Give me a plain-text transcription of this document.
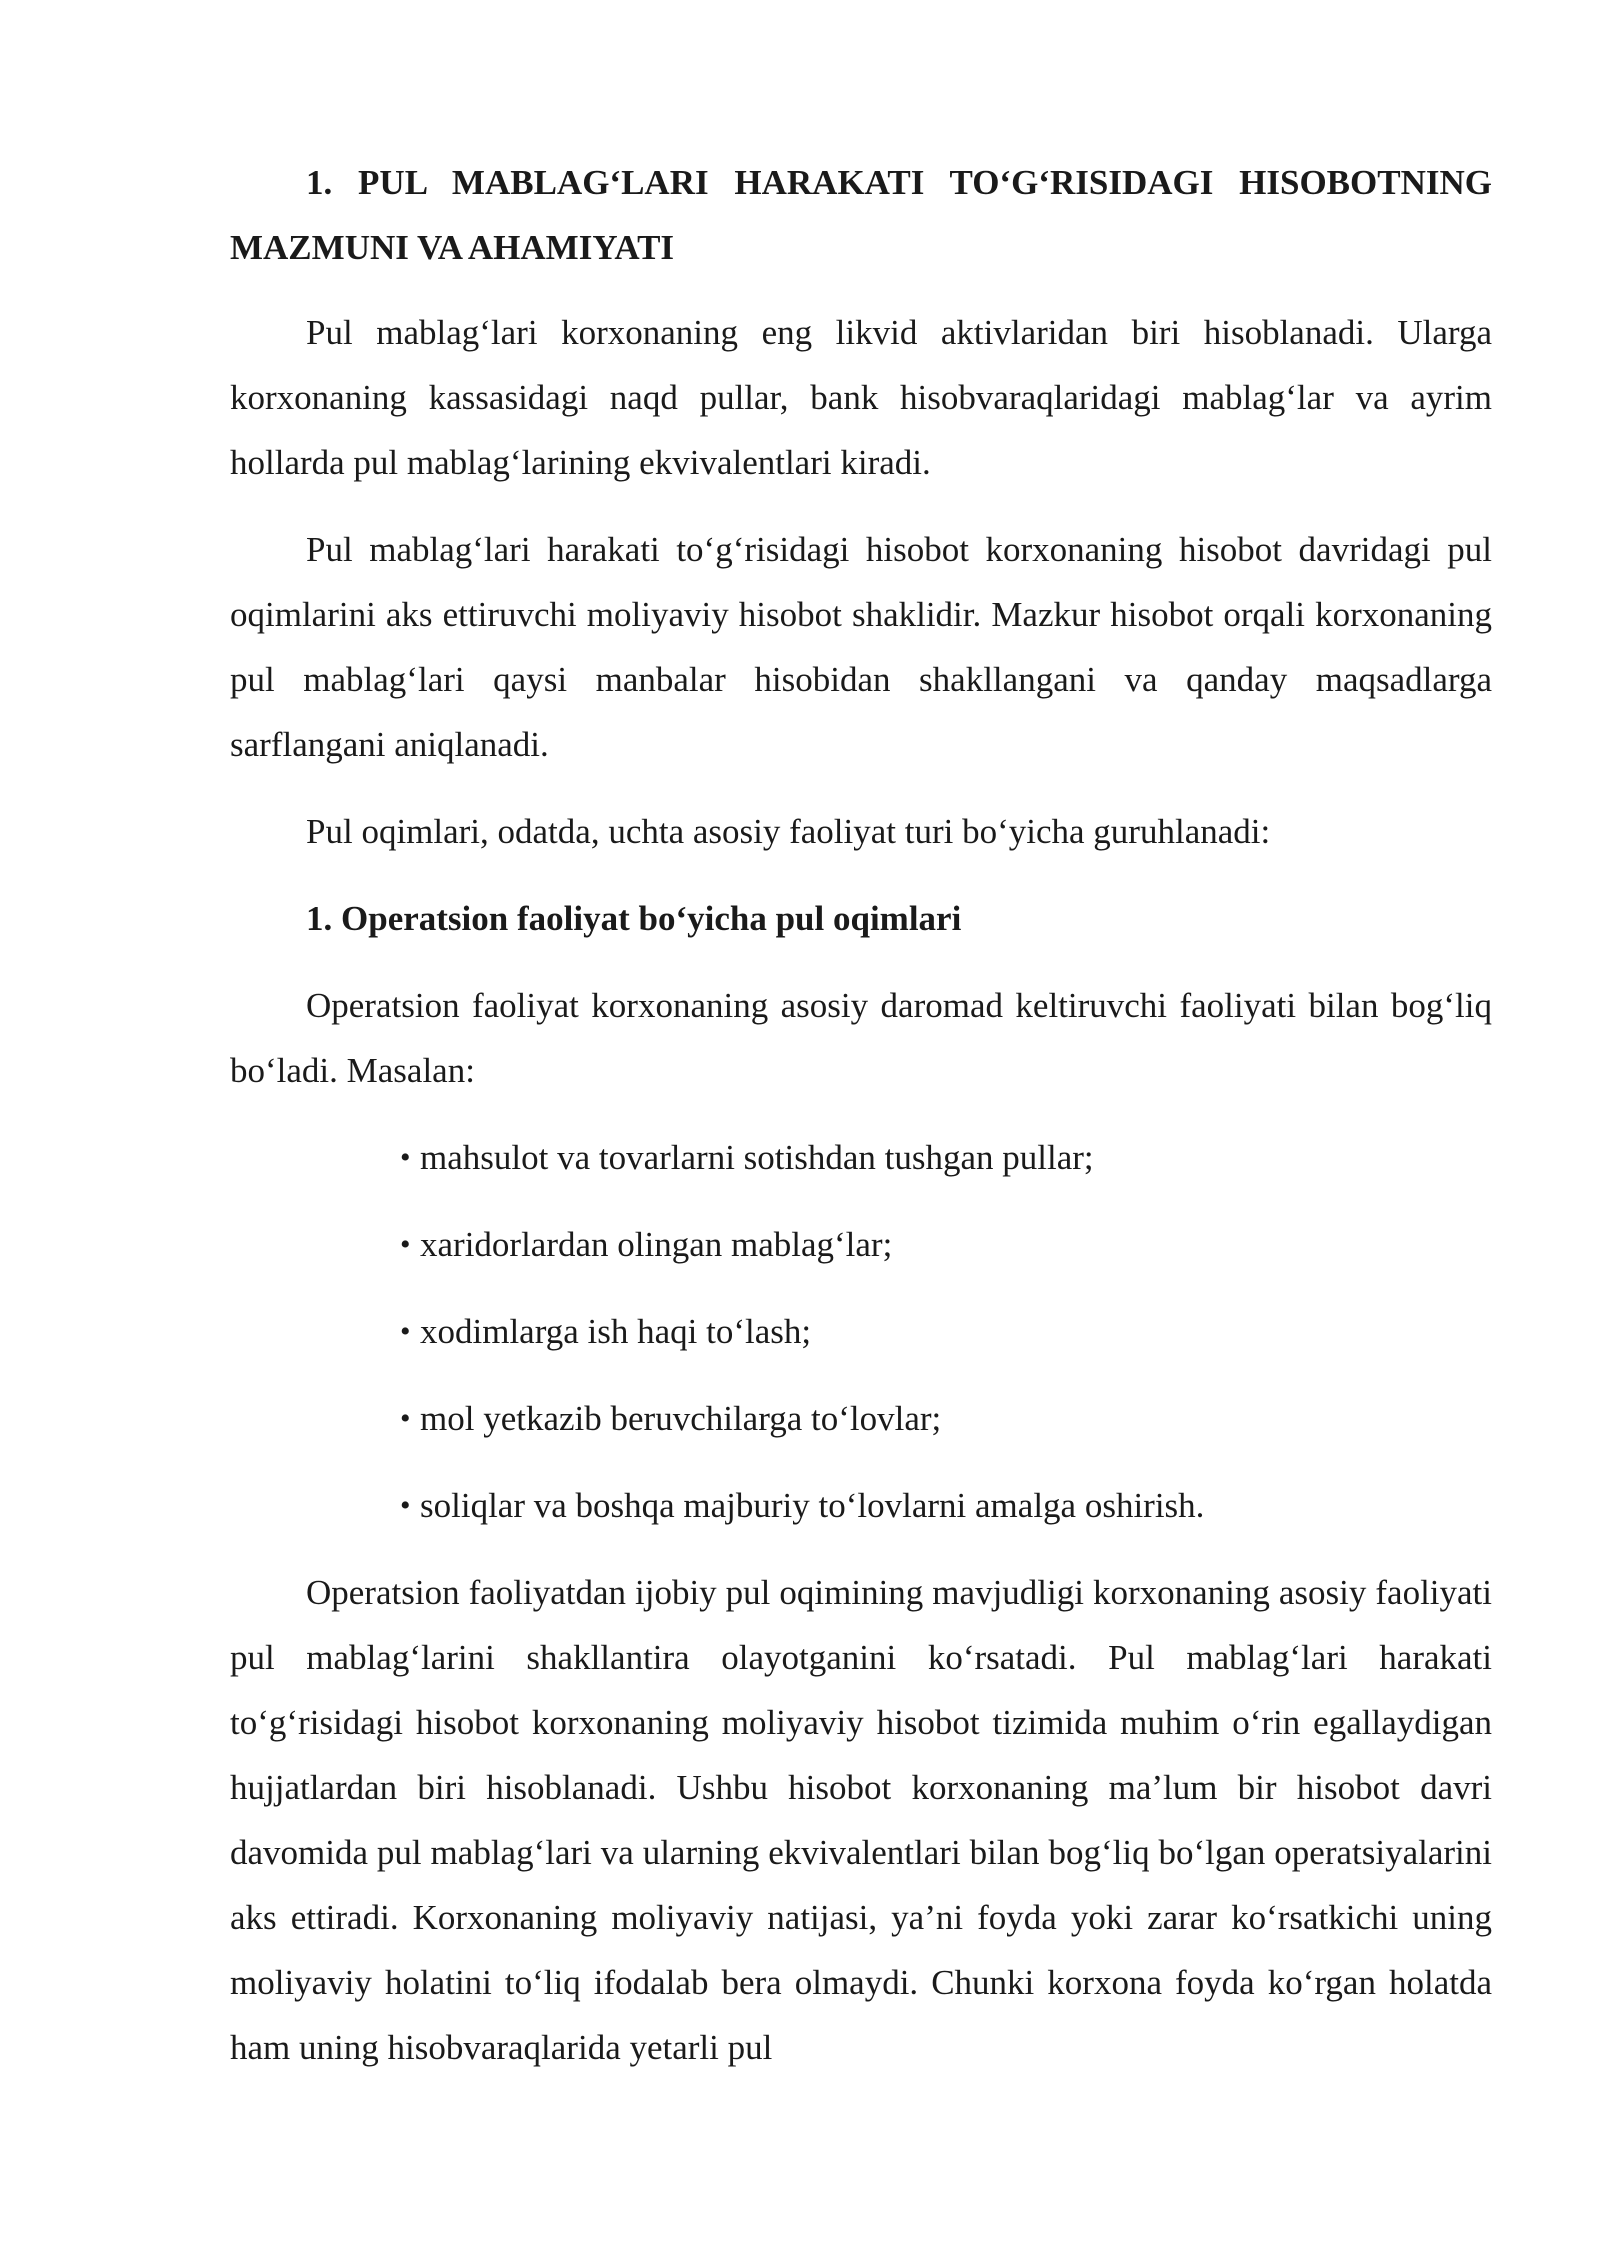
1. PUL MABLAG‘LARI HARAKATI TO‘G‘RISIDAGI HISOBOTNING MAZMUNI VA AHAMIYATI

Pul mablag‘lari korxonaning eng likvid aktivlaridan biri hisoblanadi. Ularga korxonaning kassasidagi naqd pullar, bank hisobvaraqlaridagi mablag‘lar va ayrim hollarda pul mablag‘larining ekvivalentlari kiradi.

Pul mablag‘lari harakati to‘g‘risidagi hisobot korxonaning hisobot davridagi pul oqimlarini aks ettiruvchi moliyaviy hisobot shaklidir. Mazkur hisobot orqali korxonaning pul mablag‘lari qaysi manbalar hisobidan shakllangani va qanday maqsadlarga sarflangani aniqlanadi.

Pul oqimlari, odatda, uchta asosiy faoliyat turi bo‘yicha guruhlanadi:

1. Operatsion faoliyat bo‘yicha pul oqimlari

Operatsion faoliyat korxonaning asosiy daromad keltiruvchi faoliyati bilan bog‘liq bo‘ladi. Masalan:

• mahsulot va tovarlarni sotishdan tushgan pullar;
• xaridorlardan olingan mablag‘lar;
• xodimlarga ish haqi to‘lash;
• mol yetkazib beruvchilarga to‘lovlar;
• soliqlar va boshqa majburiy to‘lovlarni amalga oshirish.

Operatsion faoliyatdan ijobiy pul oqimining mavjudligi korxonaning asosiy faoliyati pul mablag‘larini shakllantira olayotganini ko‘rsatadi. Pul mablag‘lari harakati to‘g‘risidagi hisobot korxonaning moliyaviy hisobot tizimida muhim o‘rin egallaydigan hujjatlardan biri hisoblanadi. Ushbu hisobot korxonaning ma’lum bir hisobot davri davomida pul mablag‘lari va ularning ekvivalentlari bilan bog‘liq bo‘lgan operatsiyalarini aks ettiradi. Korxonaning moliyaviy natijasi, ya’ni foyda yoki zarar ko‘rsatkichi uning moliyaviy holatini to‘liq ifodalab bera olmaydi. Chunki korxona foyda ko‘rgan holatda ham uning hisobvaraqlarida yetarli pul
